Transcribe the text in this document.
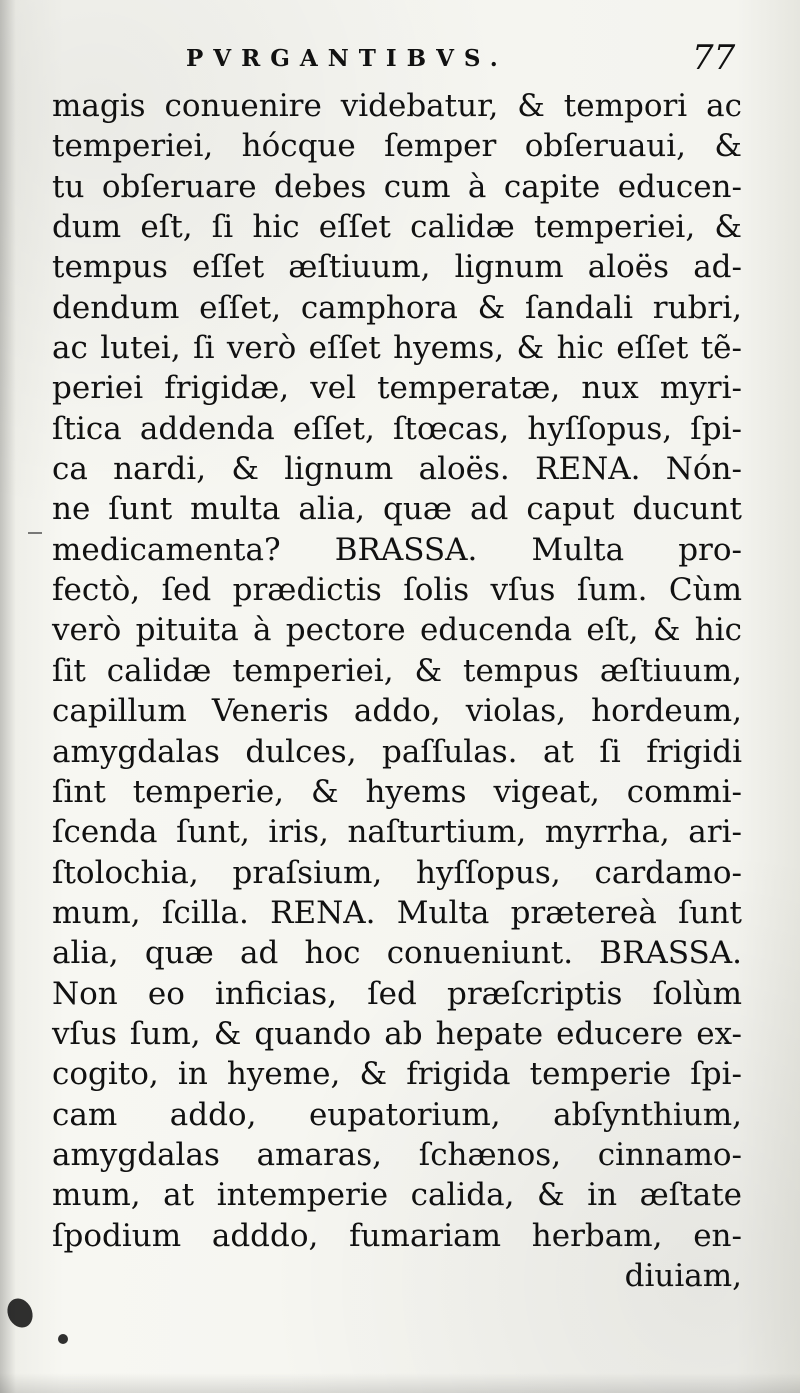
PVRGANTIBVS.	77
magis conuenire videbatur, & tempori ac
temperiei, hócque ſemper obſeruaui, &
tu obſeruare debes cum à capite educen-
dum eſt, ſi hic eſſet calidæ temperiei, &
tempus eſſet æſtiuum, lignum aloës ad-
dendum eſſet, camphora & ſandali rubri,
ac lutei, ſi verò eſſet hyems, & hic eſſet tẽ-
periei frigidæ, vel temperatæ, nux myri-
ſtica addenda eſſet, ſtœcas, hyſſopus, ſpi-
ca nardi, & lignum aloës. RENA. Nón-
ne ſunt multa alia, quæ ad caput ducunt
medicamenta? BRASSA. Multa pro-
fectò, ſed prædictis ſolis vſus ſum. Cùm
verò pituita à pectore educenda eſt, & hic
ſit calidæ temperiei, & tempus æſtiuum,
capillum Veneris addo, violas, hordeum,
amygdalas dulces, paſſulas. at ſi frigidi
ſint temperie, & hyems vigeat, commi-
ſcenda ſunt, iris, naſturtium, myrrha, ari-
ſtolochia, praſsium, hyſſopus, cardamo-
mum, ſcilla. RENA. Multa prætereà ſunt
alia, quæ ad hoc conueniunt. BRASSA.
Non eo inficias, ſed præſcriptis ſolùm
vſus ſum, & quando ab hepate educere ex-
cogito, in hyeme, & frigida temperie ſpi-
cam addo, eupatorium, abſynthium,
amygdalas amaras, ſchænos, cinnamo-
mum, at intemperie calida, & in æſtate
ſpodium adddo, fumariam herbam, en-
diuiam,
